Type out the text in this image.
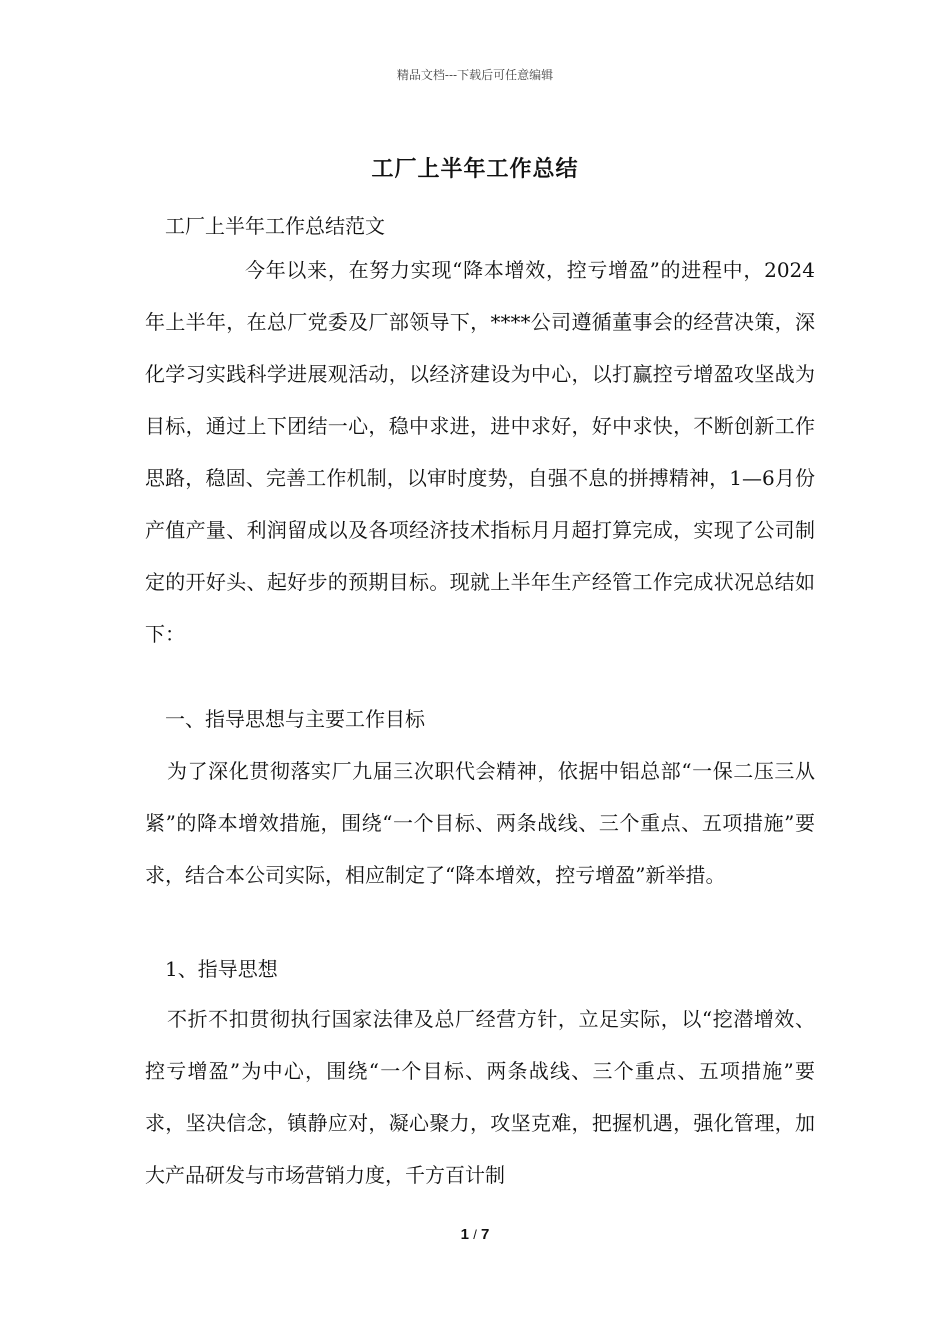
精品文档---下载后可任意编辑
工厂上半年工作总结
工厂上半年工作总结范文
今年以来，在努力实现“降本增效，控亏增盈”的进程中，2024年上半年，在总厂党委及厂部领导下，****公司遵循董事会的经营决策，深化学习实践科学进展观活动，以经济建设为中心，以打赢控亏增盈攻坚战为目标，通过上下团结一心，稳中求进，进中求好，好中求快，不断创新工作思路，稳固、完善工作机制，以审时度势，自强不息的拼搏精神，1—6月份产值产量、利润留成以及各项经济技术指标月月超打算完成，实现了公司制定的开好头、起好步的预期目标。现就上半年生产经管工作完成状况总结如下：
一、指导思想与主要工作目标
为了深化贯彻落实厂九届三次职代会精神，依据中铝总部“一保二压三从紧”的降本增效措施，围绕“一个目标、两条战线、三个重点、五项措施”要求，结合本公司实际，相应制定了“降本增效，控亏增盈”新举措。
1、指导思想
不折不扣贯彻执行国家法律及总厂经营方针，立足实际，以“挖潜增效、控亏增盈”为中心，围绕“一个目标、两条战线、三个重点、五项措施”要求，坚决信念，镇静应对，凝心聚力，攻坚克难，把握机遇，强化管理，加大产品研发与市场营销力度，千方百计制
1 / 7
